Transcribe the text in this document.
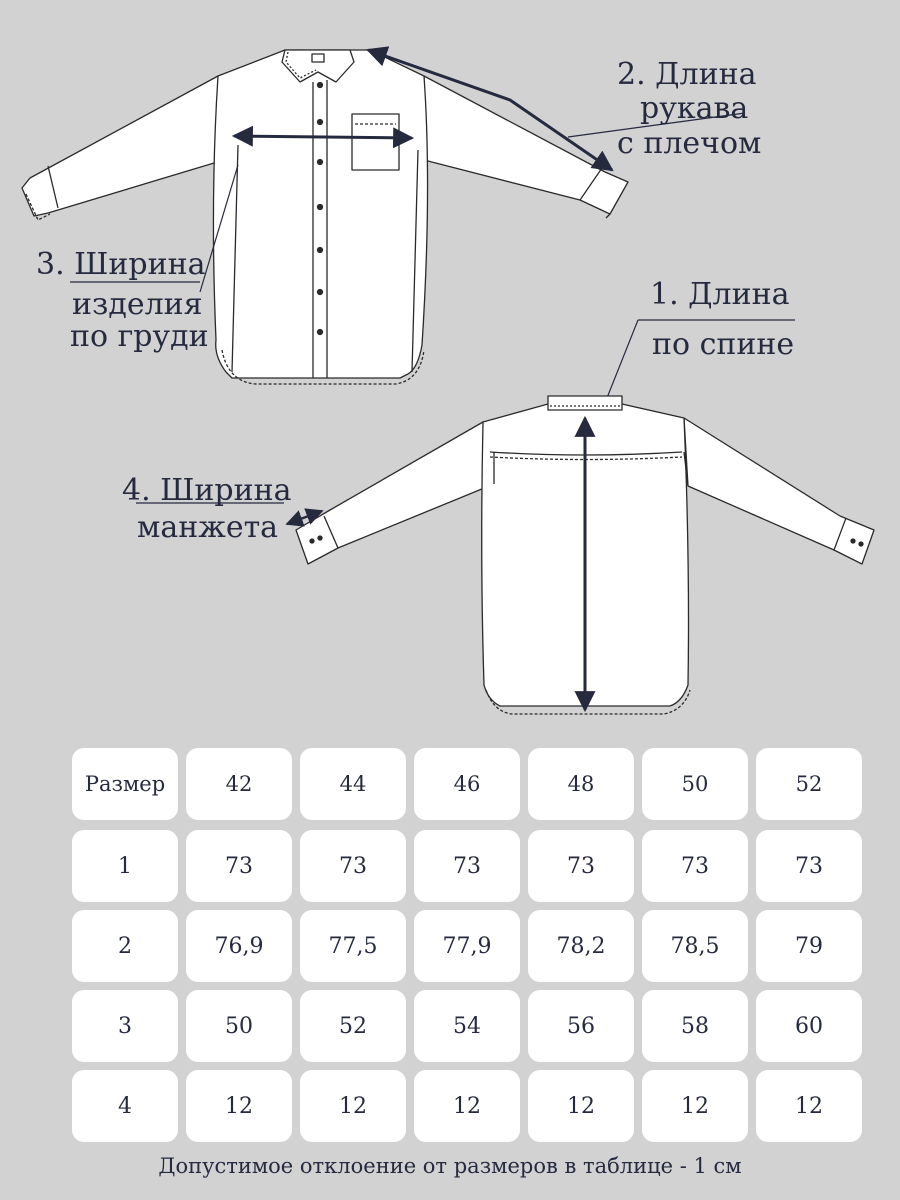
2. Длина
рукава
с плечом
3. Ширина
изделия
по груди
1. Длина
по спине
4. Ширина
манжета
Размер	42	44	46	48	50	52
1	73	73	73	73	73	73
2	76,9	77,5	77,9	78,2	78,5	79
3	50	52	54	56	58	60
4	12	12	12	12	12	12
Допустимое отклоение от размеров в таблице - 1 см
